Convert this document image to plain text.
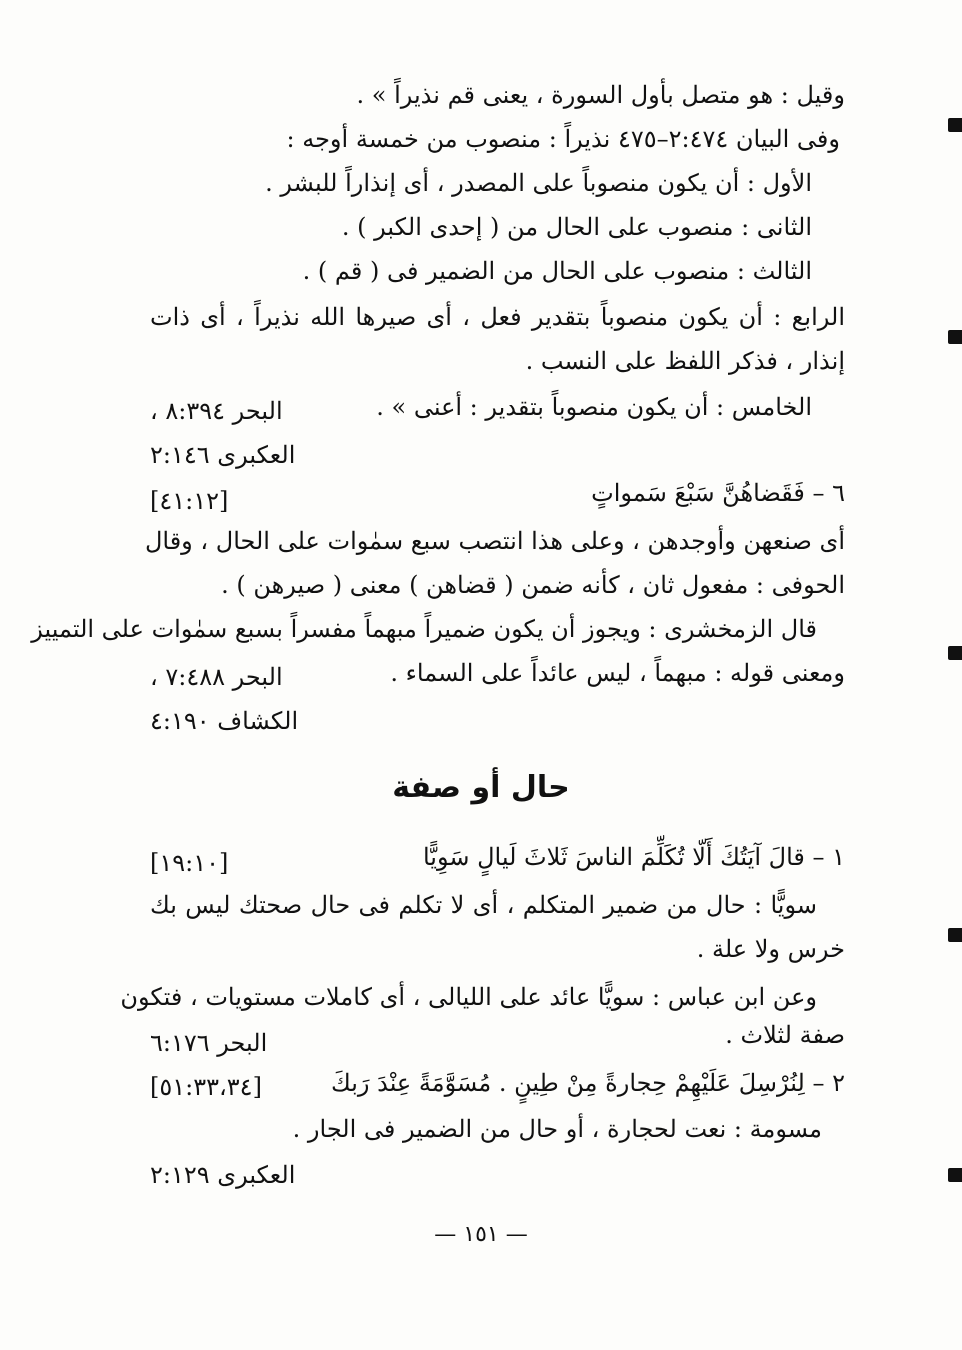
وقيل : هو متصل بأول السورة ، يعنى قم نذيراً » .
وفى البيان ٢:٤٧٤–٤٧٥ نذيراً : منصوب من خمسة أوجه :
الأول : أن يكون منصوباً على المصدر ، أى إنذاراً للبشر .
الثانى : منصوب على الحال من ( إحدى الكبر ) .
الثالث : منصوب على الحال من الضمير فى ( قم ) .
الرابع : أن يكون منصوباً بتقدير فعل ، أى صيرها الله نذيراً ، أى ذات
إنذار ، فذكر اللفظ على النسب .
الخامس : أن يكون منصوباً بتقدير : أعنى » .
البحر ٨:٣٩٤ ،
العكبرى ٢:١٤٦
٦ – فَقَضاهُنَّ سَبْعَ سَمواتٍ
[٤١:١٢]
أى صنعهن وأوجدهن ، وعلى هذا انتصب سبع سمٰوات على الحال ، وقال
الحوفى : مفعول ثان ، كأنه ضمن ( قضاهن ) معنى ( صيرهن ) .
قال الزمخشرى : ويجوز أن يكون ضميراً مبهماً مفسراً بسبع سمٰوات على التمييز
ومعنى قوله : مبهماً ، ليس عائداً على السماء .
البحر ٧:٤٨٨ ،
الكشاف ٤:١٩٠
حال أو صفة
١ – قالَ آيَتُكَ أَلّا تُكَلِّمَ الناسَ ثَلاثَ لَيالٍ سَوِيًّا
[١٩:١٠]
سويًّا : حال من ضمير المتكلم ، أى لا تكلم فى حال صحتك ليس بك
خرس ولا علة .
وعن ابن عباس : سويًّا عائد على الليالى ، أى كاملات مستويات ، فتكون
صفة لثلاث .
البحر ٦:١٧٦
٢ – لِنُرْسِلَ عَلَيْهِمْ حِجارةً مِنْ طِينٍ . مُسَوَّمَةً عِنْدَ رَبكَ
[٥١:٣٣،٣٤]
مسومة : نعت لحجارة ، أو حال من الضمير فى الجار .
العكبرى ٢:١٢٩
— ١٥١ —
